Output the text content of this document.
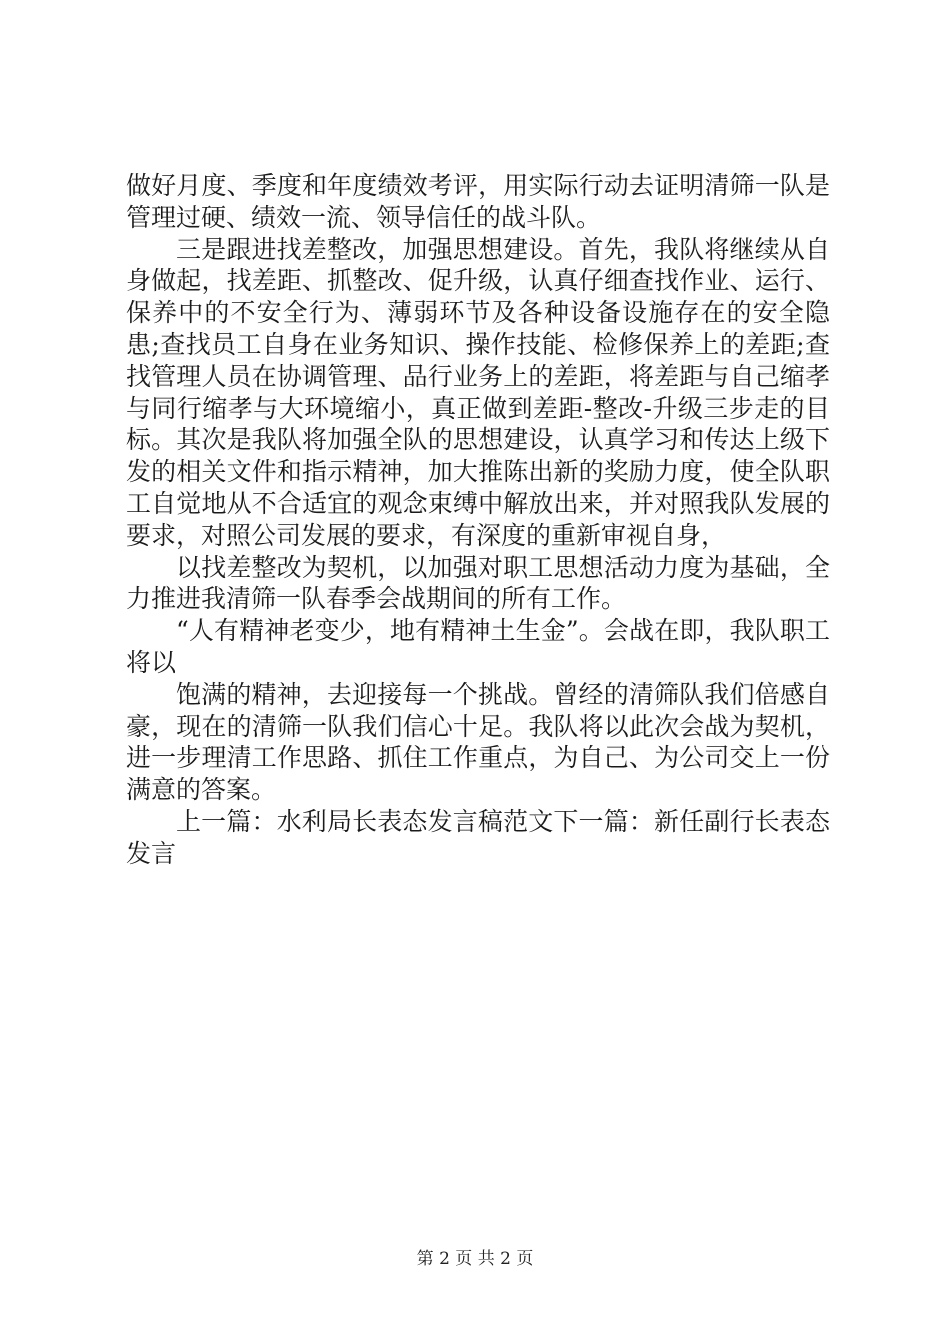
做好月度、季度和年度绩效考评，用实际行动去证明清筛一队是管理过硬、绩效一流、领导信任的战斗队。

三是跟进找差整改，加强思想建设。首先，我队将继续从自身做起，找差距、抓整改、促升级，认真仔细查找作业、运行、保养中的不安全行为、薄弱环节及各种设备设施存在的安全隐患;查找员工自身在业务知识、操作技能、检修保养上的差距;查找管理人员在协调管理、品行业务上的差距，将差距与自己缩孝与同行缩孝与大环境缩小，真正做到差距-整改-升级三步走的目标。其次是我队将加强全队的思想建设，认真学习和传达上级下发的相关文件和指示精神，加大推陈出新的奖励力度，使全队职工自觉地从不合适宜的观念束缚中解放出来，并对照我队发展的要求，对照公司发展的要求，有深度的重新审视自身，

以找差整改为契机，以加强对职工思想活动力度为基础，全力推进我清筛一队春季会战期间的所有工作。

“人有精神老变少，地有精神土生金”。会战在即，我队职工将以

饱满的精神，去迎接每一个挑战。曾经的清筛队我们倍感自豪，现在的清筛一队我们信心十足。我队将以此次会战为契机，进一步理清工作思路、抓住工作重点，为自己、为公司交上一份满意的答案。

上一篇：水利局长表态发言稿范文下一篇：新任副行长表态发言

第 2 页 共 2 页
